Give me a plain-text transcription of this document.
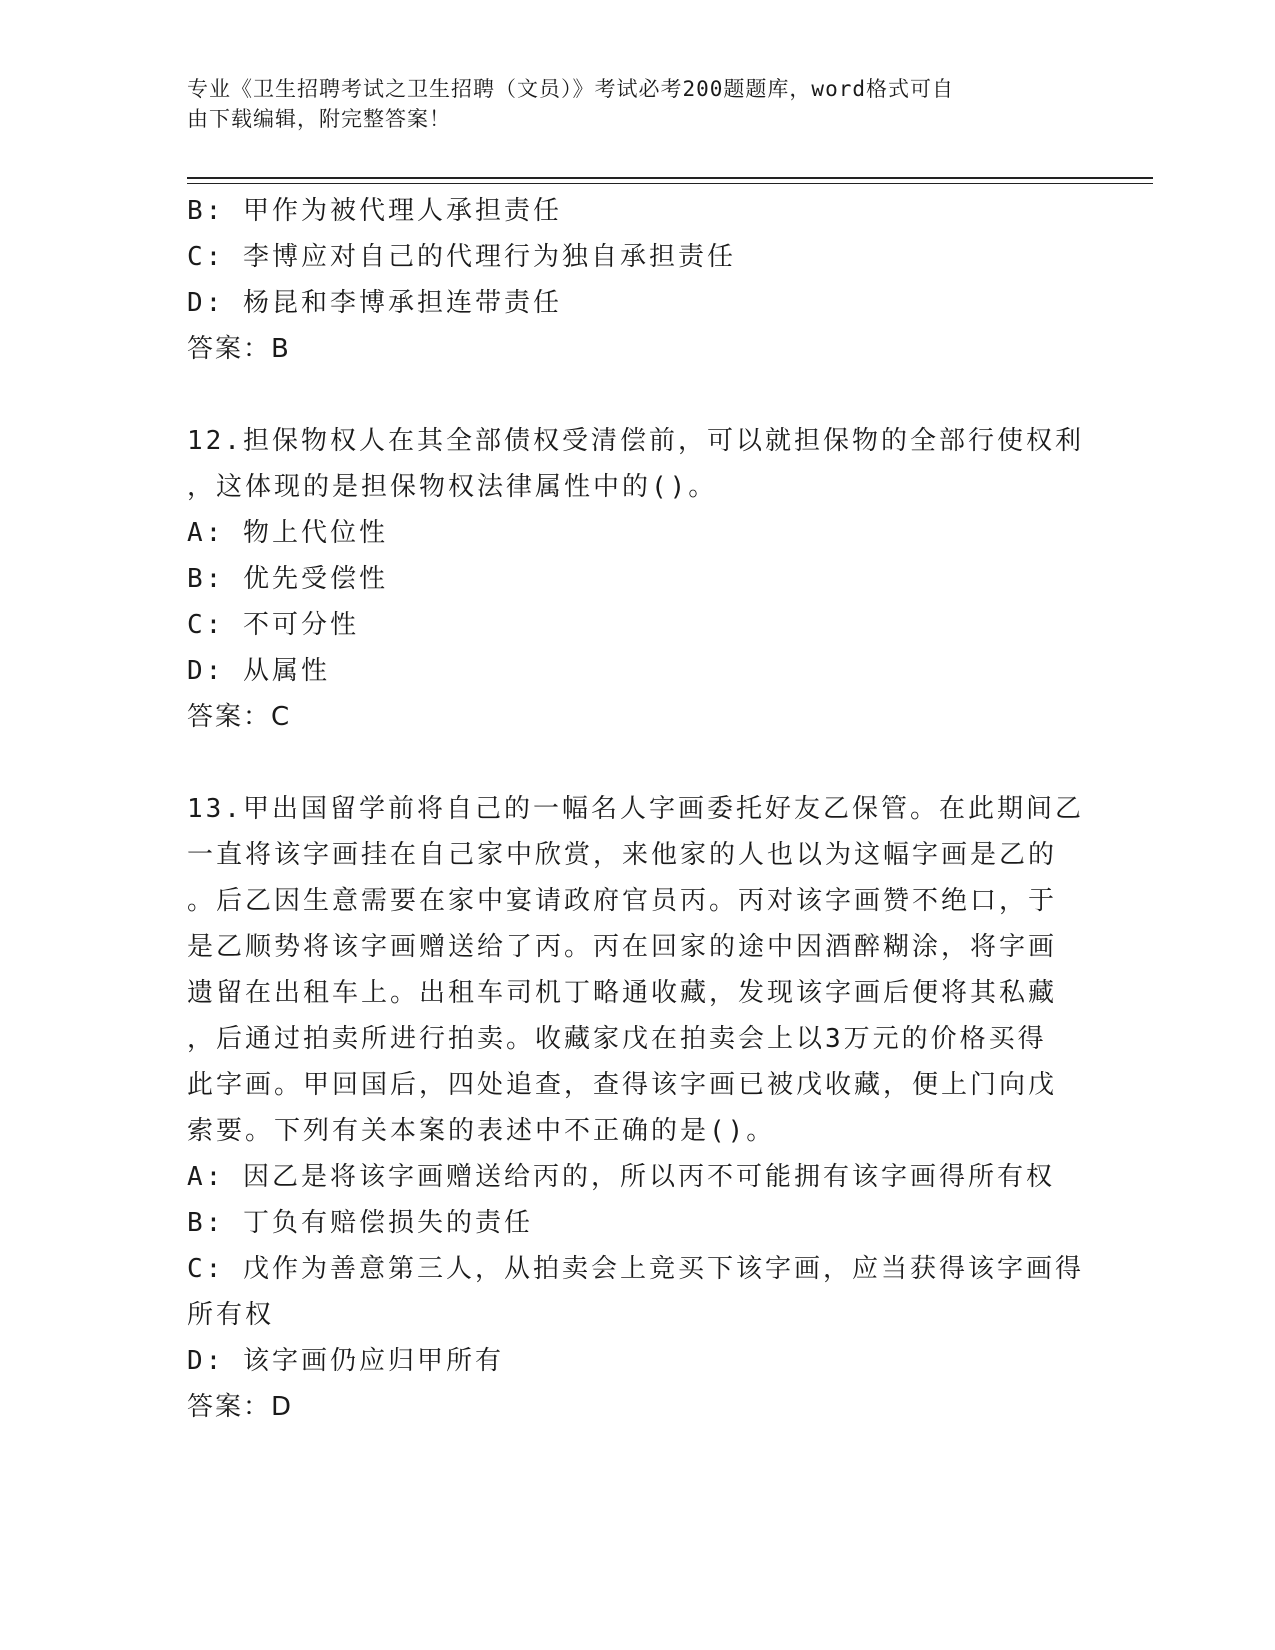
专业《卫生招聘考试之卫生招聘（文员）》考试必考200题题库，word格式可自
由下载编辑，附完整答案！
B: 甲作为被代理人承担责任
C: 李博应对自己的代理行为独自承担责任
D: 杨昆和李博承担连带责任
答案：B
12.担保物权人在其全部债权受清偿前，可以就担保物的全部行使权利
，这体现的是担保物权法律属性中的()。
A: 物上代位性
B: 优先受偿性
C: 不可分性
D: 从属性
答案：C
13.甲出国留学前将自己的一幅名人字画委托好友乙保管。在此期间乙
一直将该字画挂在自己家中欣赏，来他家的人也以为这幅字画是乙的
。后乙因生意需要在家中宴请政府官员丙。丙对该字画赞不绝口，于
是乙顺势将该字画赠送给了丙。丙在回家的途中因酒醉糊涂，将字画
遗留在出租车上。出租车司机丁略通收藏，发现该字画后便将其私藏
，后通过拍卖所进行拍卖。收藏家戊在拍卖会上以3万元的价格买得
此字画。甲回国后，四处追查，查得该字画已被戊收藏，便上门向戊
索要。下列有关本案的表述中不正确的是()。
A: 因乙是将该字画赠送给丙的，所以丙不可能拥有该字画得所有权
B: 丁负有赔偿损失的责任
C: 戊作为善意第三人，从拍卖会上竞买下该字画，应当获得该字画得
所有权
D: 该字画仍应归甲所有
答案：D
